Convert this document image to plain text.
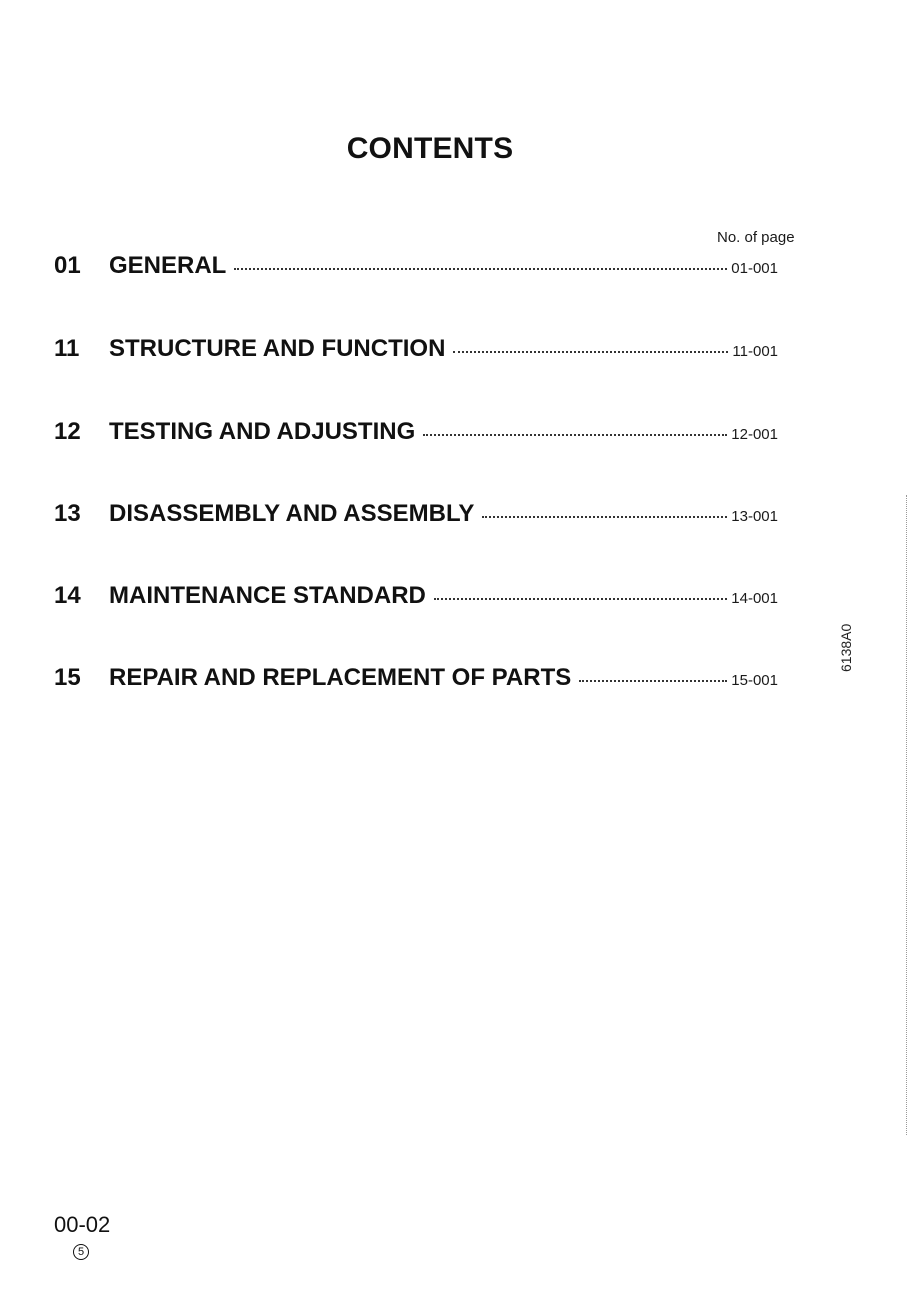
CONTENTS
No. of page
01	GENERAL	01-001
11	STRUCTURE AND FUNCTION	11-001
12	TESTING AND ADJUSTING	12-001
13	DISASSEMBLY AND ASSEMBLY	13-001
14	MAINTENANCE STANDARD	14-001
15	REPAIR AND REPLACEMENT OF PARTS	15-001
6138A0
00-02
5
